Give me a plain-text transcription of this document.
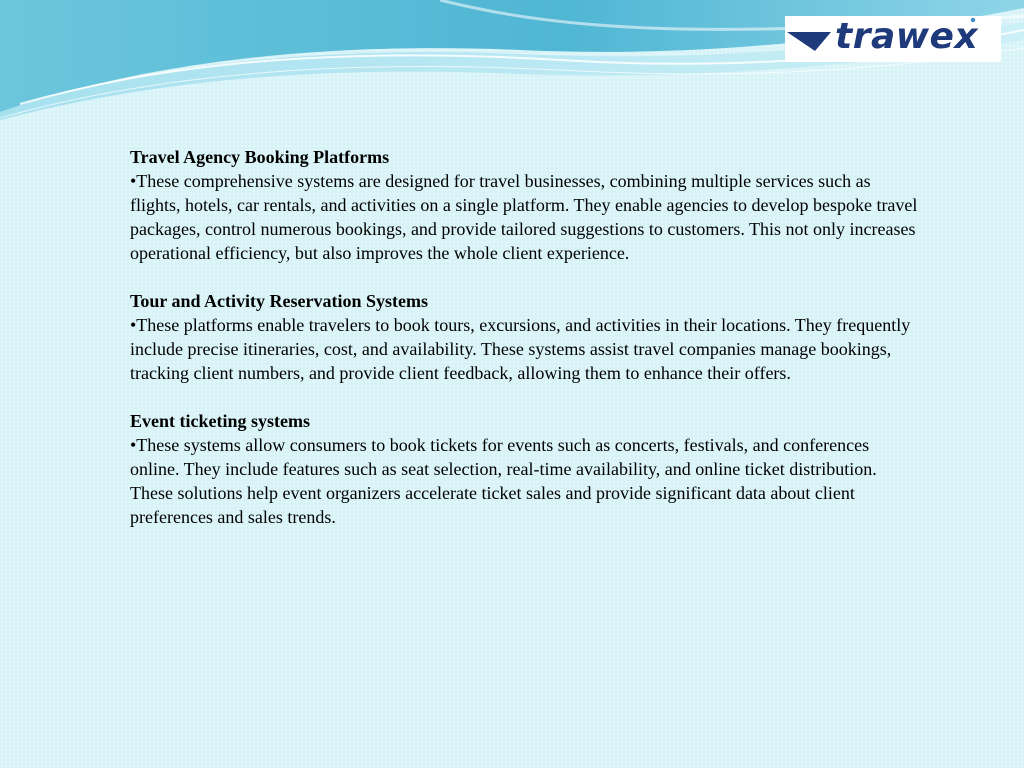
trawex
Travel Agency Booking Platforms
•These comprehensive systems are designed for travel businesses, combining multiple services such as flights, hotels, car rentals, and activities on a single platform. They enable agencies to develop bespoke travel packages, control numerous bookings, and provide tailored suggestions to customers. This not only increases operational efficiency, but also improves the whole client experience.
Tour and Activity Reservation Systems
•These platforms enable travelers to book tours, excursions, and activities in their locations. They frequently include precise itineraries, cost, and availability. These systems assist travel companies manage bookings, tracking client numbers, and provide client feedback, allowing them to enhance their offers.
Event ticketing systems
•These systems allow consumers to book tickets for events such as concerts, festivals, and conferences online. They include features such as seat selection, real-time availability, and online ticket distribution. These solutions help event organizers accelerate ticket sales and provide significant data about client preferences and sales trends.
